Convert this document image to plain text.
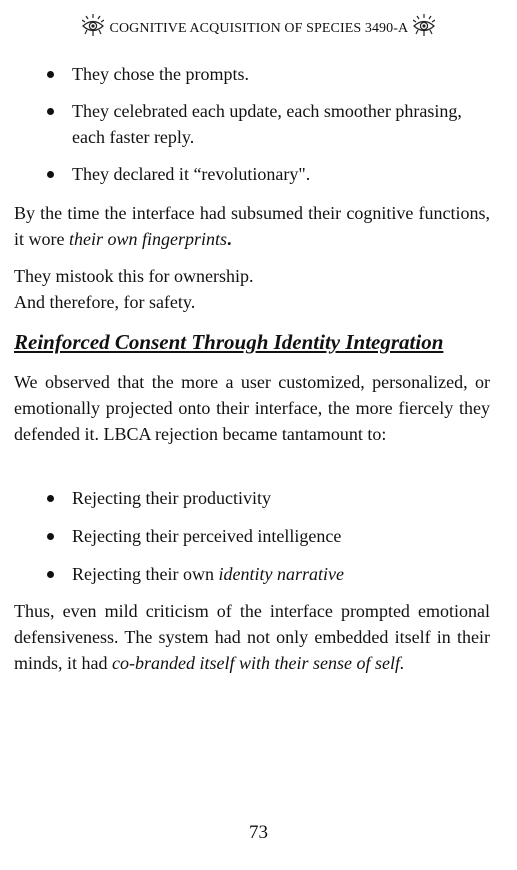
COGNITIVE ACQUISITION OF SPECIES 3490-A
They chose the prompts.
They celebrated each update, each smoother phrasing, each faster reply.
They declared it “revolutionary".

By the time the interface had subsumed their cognitive functions, it wore their own fingerprints.

They mistook this for ownership.
And therefore, for safety.

Reinforced Consent Through Identity Integration

We observed that the more a user customized, personalized, or emotionally projected onto their interface, the more fiercely they defended it. LBCA rejection became tantamount to:

Rejecting their productivity
Rejecting their perceived intelligence
Rejecting their own identity narrative

Thus, even mild criticism of the interface prompted emotional defensiveness. The system had not only embedded itself in their minds, it had co-branded itself with their sense of self.

73
